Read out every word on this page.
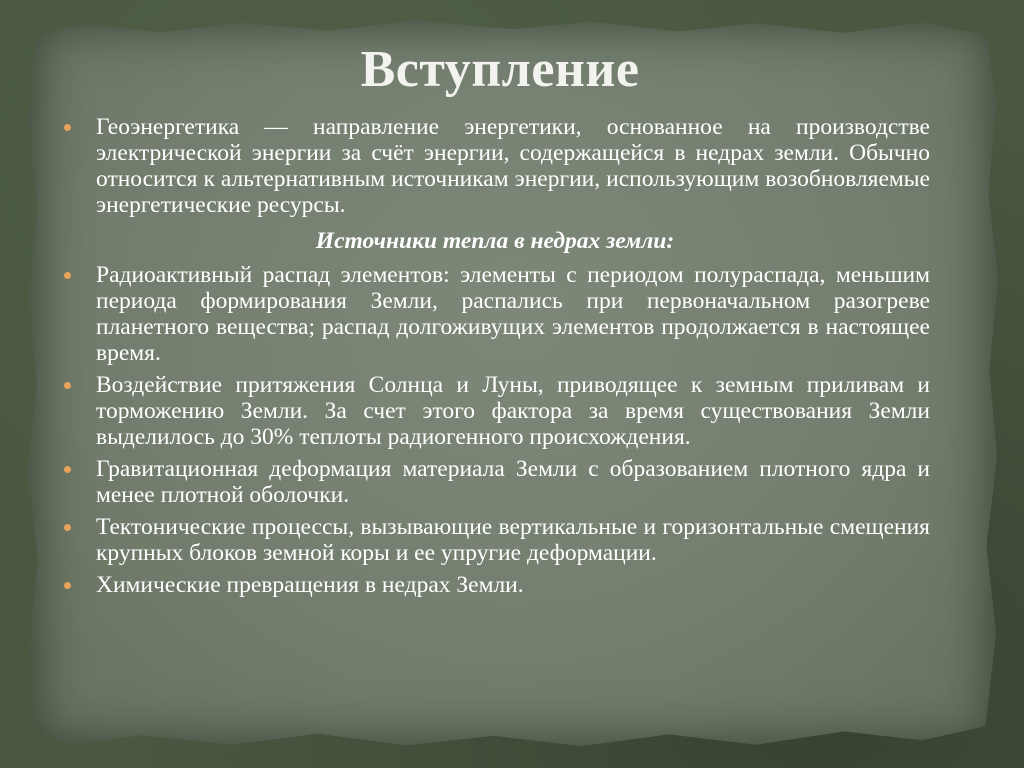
Вступление

Геоэнергетика — направление энергетики, основанное на производстве электрической энергии за счёт энергии, содержащейся в недрах земли. Обычно относится к альтернативным источникам энергии, использующим возобновляемые энергетические ресурсы.

Источники тепла в недрах земли:

Радиоактивный распад элементов: элементы с периодом полураспада, меньшим периода формирования Земли, распались при первоначальном разогреве планетного вещества; распад долгоживущих элементов продолжается в настоящее время.

Воздействие притяжения Солнца и Луны, приводящее к земным приливам и торможению Земли. За счет этого фактора за время существования Земли выделилось до 30% теплоты радиогенного происхождения.

Гравитационная деформация материала Земли с образованием плотного ядра и менее плотной оболочки.

Тектонические процессы, вызывающие вертикальные и горизонтальные смещения крупных блоков земной коры и ее упругие деформации.

Химические превращения в недрах Земли.
